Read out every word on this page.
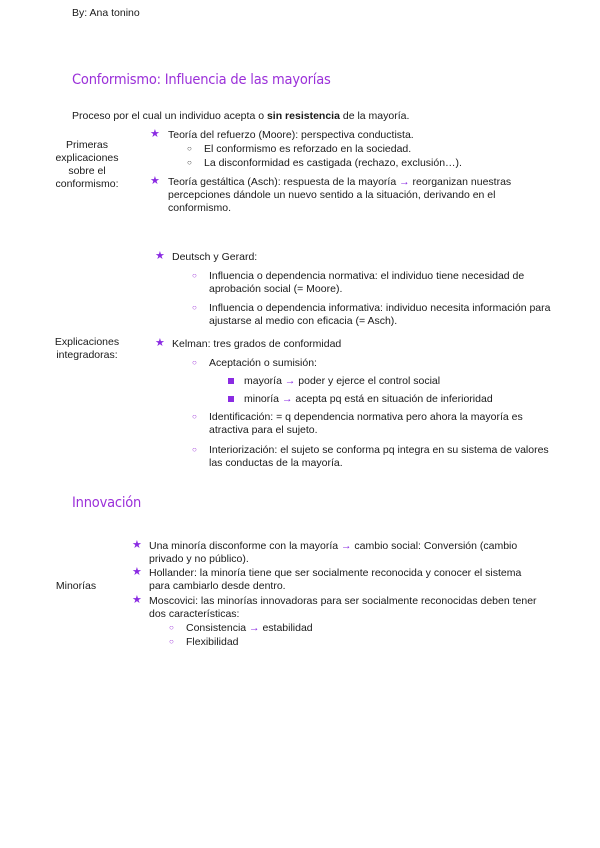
By: Ana tonino
Conformismo: Influencia de las mayorías
Proceso por el cual un individuo acepta o sin resistencia de la mayoría.
Primeras explicaciones sobre el conformismo:
★ Teoría del refuerzo (Moore): perspectiva conductista.
○ El conformismo es reforzado en la sociedad.
○ La disconformidad es castigada (rechazo, exclusión…).
★ Teoría gestáltica (Asch): respuesta de la mayoría → reorganizan nuestras
percepciones dándole un nuevo sentido a la situación, derivando en el
conformismo.
Explicaciones integradoras:
★ Deutsch y Gerard:
○ Influencia o dependencia normativa: el individuo tiene necesidad de
aprobación social (= Moore).
○ Influencia o dependencia informativa: individuo necesita información para
ajustarse al medio con eficacia (= Asch).
★ Kelman: tres grados de conformidad
○ Aceptación o sumisión:
mayoría → poder y ejerce el control social
minoría → acepta pq está en situación de inferioridad
○ Identificación: = q dependencia normativa pero ahora la mayoría es
atractiva para el sujeto.
○ Interiorización: el sujeto se conforma pq integra en su sistema de valores
las conductas de la mayoría.
Innovación
Minorías
★ Una minoría disconforme con la mayoría → cambio social: Conversión (cambio
privado y no público).
★ Hollander: la minoría tiene que ser socialmente reconocida y conocer el sistema
para cambiarlo desde dentro.
★ Moscovici: las minorías innovadoras para ser socialmente reconocidas deben tener
dos características:
○ Consistencia → estabilidad
○ Flexibilidad
